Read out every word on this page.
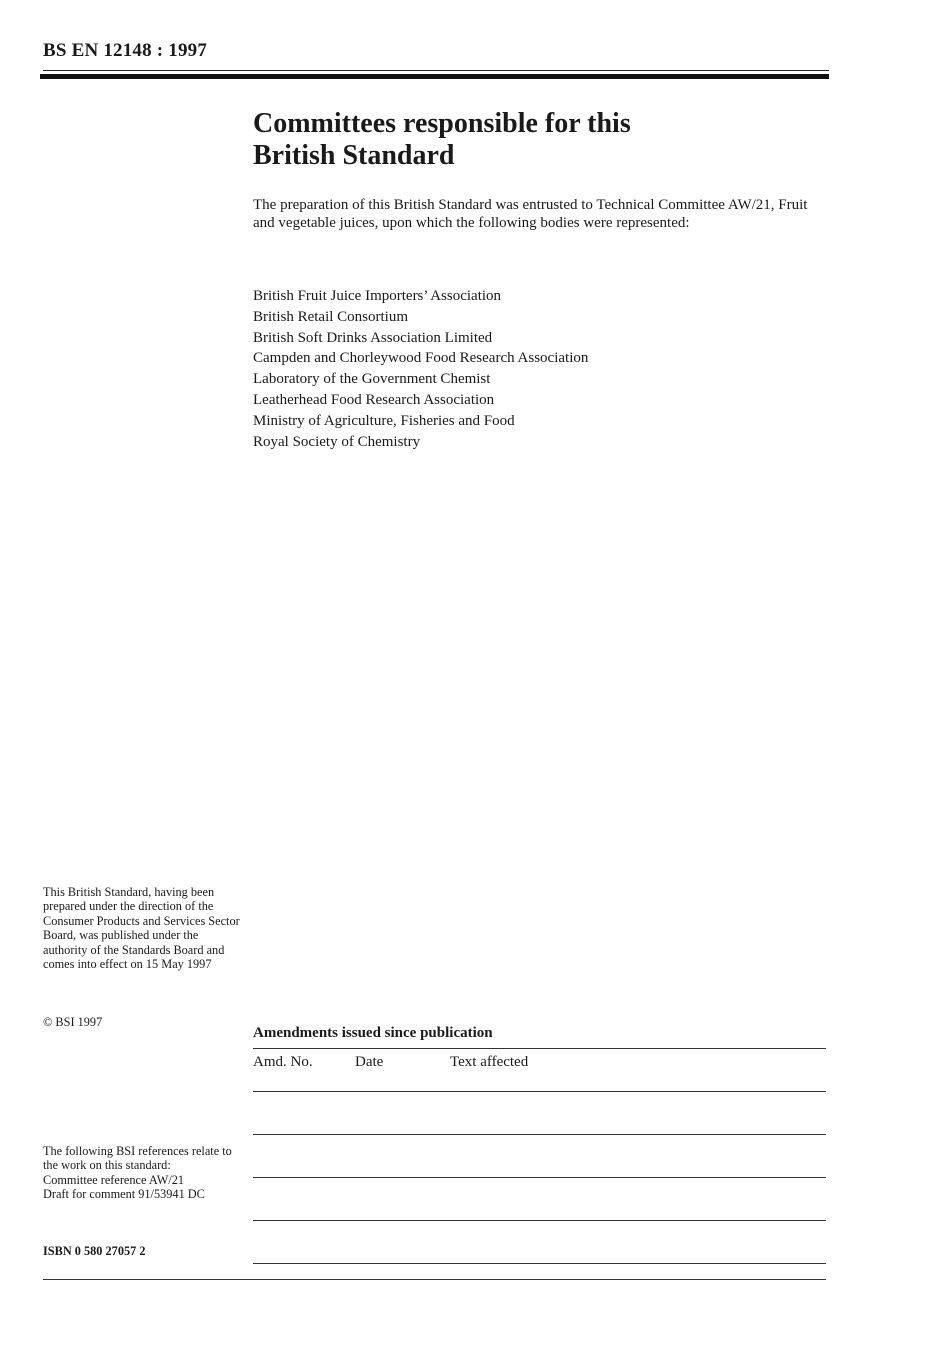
BS EN 12148 : 1997
Committees responsible for this
British Standard
The preparation of this British Standard was entrusted to Technical Committee AW/21, Fruit and vegetable juices, upon which the following bodies were represented:
British Fruit Juice Importers’ Association
British Retail Consortium
British Soft Drinks Association Limited
Campden and Chorleywood Food Research Association
Laboratory of the Government Chemist
Leatherhead Food Research Association
Ministry of Agriculture, Fisheries and Food
Royal Society of Chemistry
This British Standard, having been prepared under the direction of the Consumer Products and Services Sector Board, was published under the authority of the Standards Board and comes into effect on 15 May 1997
© BSI 1997
The following BSI references relate to the work on this standard:
Committee reference AW/21
Draft for comment 91/53941 DC
ISBN 0 580 27057 2
Amendments issued since publication
Amd. No.	Date	Text affected
